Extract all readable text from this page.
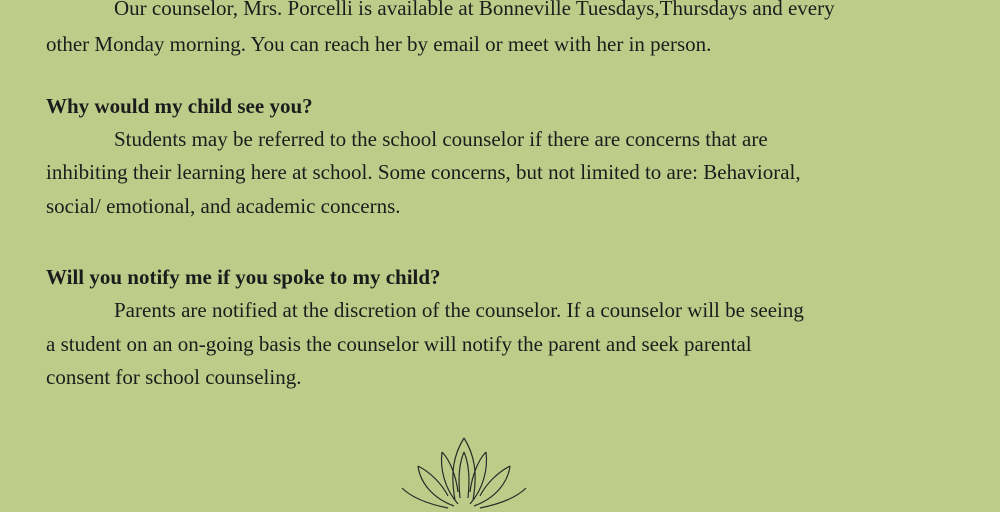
Our counselor, Mrs. Porcelli is available at Bonneville Tuesdays,Thursdays and every
other Monday morning. You can reach her by email or meet with her in person.
Why would my child see you?
Students may be referred to the school counselor if there are concerns that are
inhibiting their learning here at school. Some concerns, but not limited to are: Behavioral,
social/ emotional, and academic concerns.
Will you notify me if you spoke to my child?
Parents are notified at the discretion of the counselor. If a counselor will be seeing
a student on an on-going basis the counselor will notify the parent and seek parental
consent for school counseling.
